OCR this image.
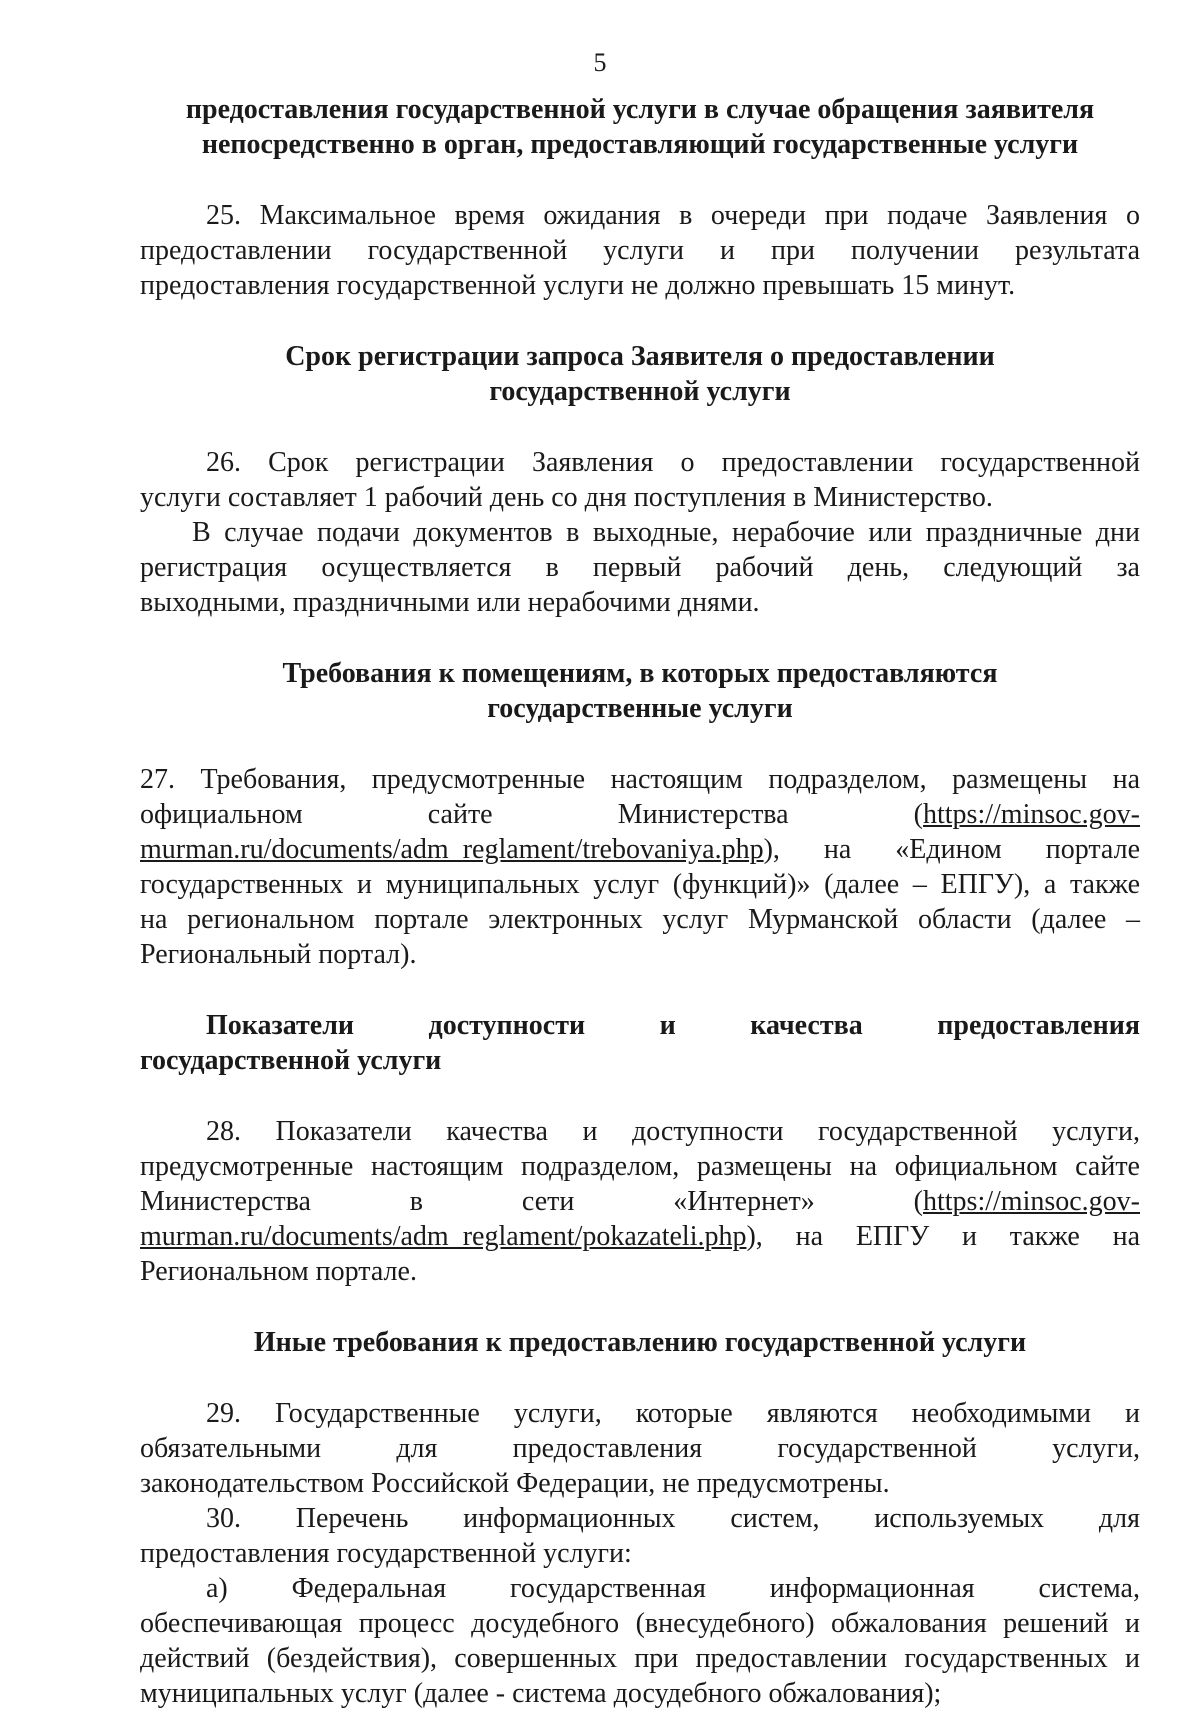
5
предоставления государственной услуги в случае обращения заявителя
непосредственно в орган, предоставляющий государственные услуги
25. Максимальное время ожидания в очереди при подаче Заявления о
предоставлении государственной услуги и при получении результата
предоставления государственной услуги не должно превышать 15 минут.
Срок регистрации запроса Заявителя о предоставлении
государственной услуги
26. Срок регистрации Заявления о предоставлении государственной
услуги составляет 1 рабочий день со дня поступления в Министерство.
В случае подачи документов в выходные, нерабочие или праздничные дни
регистрация осуществляется в первый рабочий день, следующий за
выходными, праздничными или нерабочими днями.
Требования к помещениям, в которых предоставляются
государственные услуги
27. Требования, предусмотренные настоящим подразделом, размещены на
официальном сайте Министерства (https://minsoc.gov-
murman.ru/documents/adm_reglament/trebovaniya.php), на «Едином портале
государственных и муниципальных услуг (функций)» (далее – ЕПГУ), а также
на региональном портале электронных услуг Мурманской области (далее –
Региональный портал).
Показатели доступности и качества предоставления
государственной услуги
28. Показатели качества и доступности государственной услуги,
предусмотренные настоящим подразделом, размещены на официальном сайте
Министерства в сети «Интернет» (https://minsoc.gov-
murman.ru/documents/adm_reglament/pokazateli.php), на ЕПГУ и также на
Региональном портале.
Иные требования к предоставлению государственной услуги
29. Государственные услуги, которые являются необходимыми и
обязательными для предоставления государственной услуги,
законодательством Российской Федерации, не предусмотрены.
30. Перечень информационных систем, используемых для
предоставления государственной услуги:
а) Федеральная государственная информационная система,
обеспечивающая процесс досудебного (внесудебного) обжалования решений и
действий (бездействия), совершенных при предоставлении государственных и
муниципальных услуг (далее - система досудебного обжалования);
